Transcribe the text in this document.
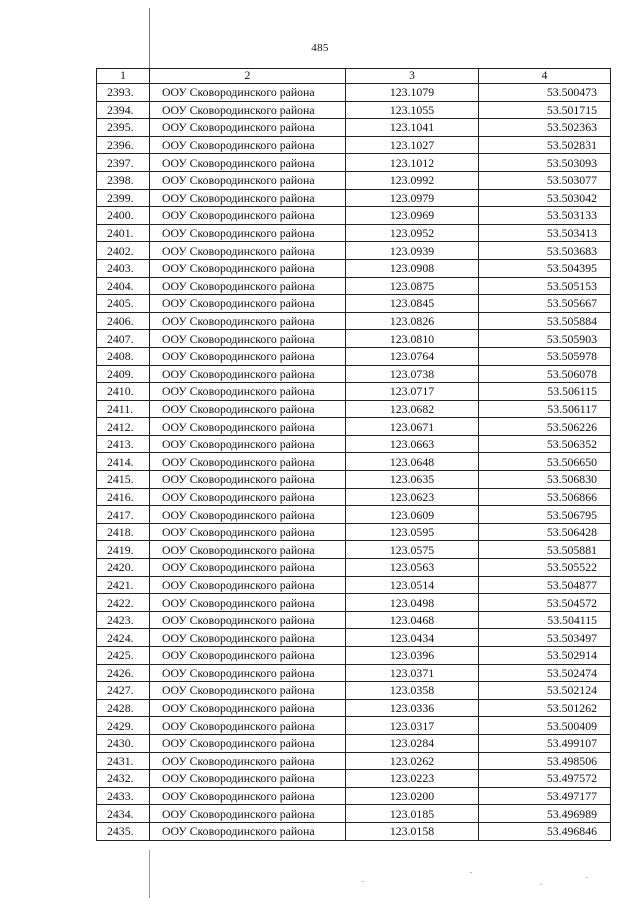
485
1	2	3	4
2393.	ООУ Сковородинского района	123.1079	53.500473
2394.	ООУ Сковородинского района	123.1055	53.501715
2395.	ООУ Сковородинского района	123.1041	53.502363
2396.	ООУ Сковородинского района	123.1027	53.502831
2397.	ООУ Сковородинского района	123.1012	53.503093
2398.	ООУ Сковородинского района	123.0992	53.503077
2399.	ООУ Сковородинского района	123.0979	53.503042
2400.	ООУ Сковородинского района	123.0969	53.503133
2401.	ООУ Сковородинского района	123.0952	53.503413
2402.	ООУ Сковородинского района	123.0939	53.503683
2403.	ООУ Сковородинского района	123.0908	53.504395
2404.	ООУ Сковородинского района	123.0875	53.505153
2405.	ООУ Сковородинского района	123.0845	53.505667
2406.	ООУ Сковородинского района	123.0826	53.505884
2407.	ООУ Сковородинского района	123.0810	53.505903
2408.	ООУ Сковородинского района	123.0764	53.505978
2409.	ООУ Сковородинского района	123.0738	53.506078
2410.	ООУ Сковородинского района	123.0717	53.506115
2411.	ООУ Сковородинского района	123.0682	53.506117
2412.	ООУ Сковородинского района	123.0671	53.506226
2413.	ООУ Сковородинского района	123.0663	53.506352
2414.	ООУ Сковородинского района	123.0648	53.506650
2415.	ООУ Сковородинского района	123.0635	53.506830
2416.	ООУ Сковородинского района	123.0623	53.506866
2417.	ООУ Сковородинского района	123.0609	53.506795
2418.	ООУ Сковородинского района	123.0595	53.506428
2419.	ООУ Сковородинского района	123.0575	53.505881
2420.	ООУ Сковородинского района	123.0563	53.505522
2421.	ООУ Сковородинского района	123.0514	53.504877
2422.	ООУ Сковородинского района	123.0498	53.504572
2423.	ООУ Сковородинского района	123.0468	53.504115
2424.	ООУ Сковородинского района	123.0434	53.503497
2425.	ООУ Сковородинского района	123.0396	53.502914
2426.	ООУ Сковородинского района	123.0371	53.502474
2427.	ООУ Сковородинского района	123.0358	53.502124
2428.	ООУ Сковородинского района	123.0336	53.501262
2429.	ООУ Сковородинского района	123.0317	53.500409
2430.	ООУ Сковородинского района	123.0284	53.499107
2431.	ООУ Сковородинского района	123.0262	53.498506
2432.	ООУ Сковородинского района	123.0223	53.497572
2433.	ООУ Сковородинского района	123.0200	53.497177
2434.	ООУ Сковородинского района	123.0185	53.496989
2435.	ООУ Сковородинского района	123.0158	53.496846
